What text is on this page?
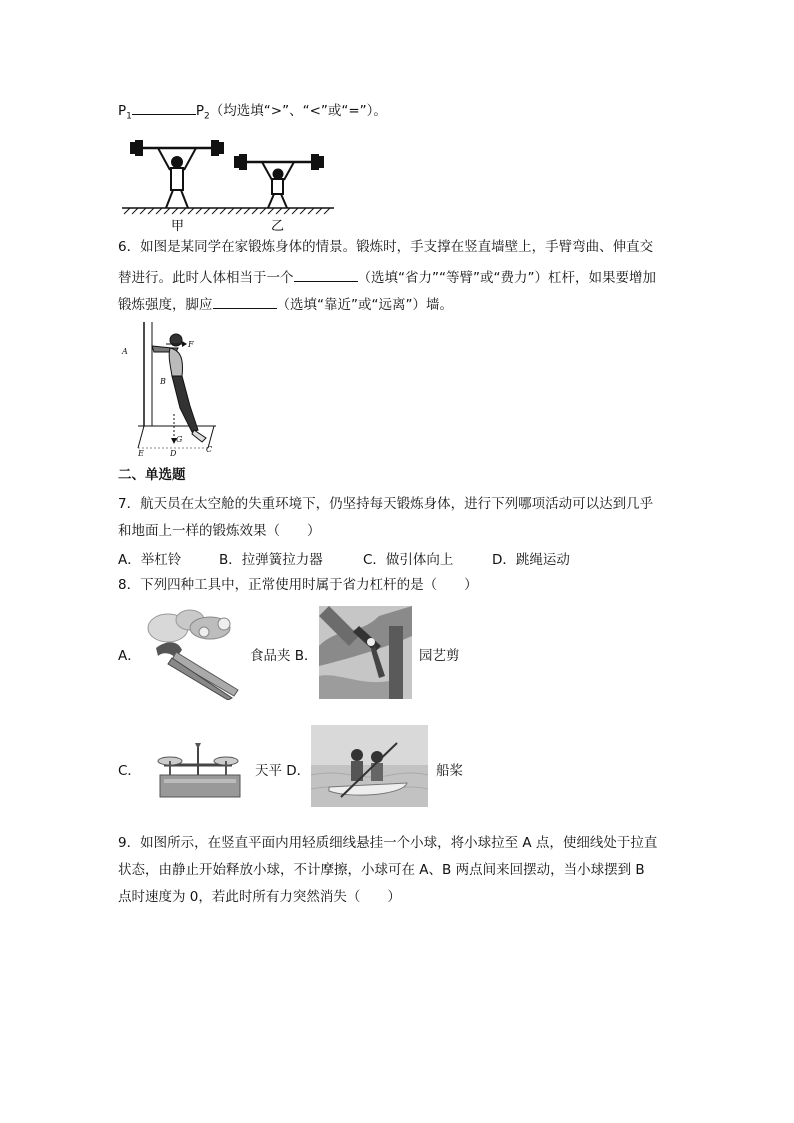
$P_1$	$P_2$（均选填“>”、“<”或“=”）。
甲	乙
6．如图是某同学在家锻炼身体的情景。锻炼时，手支撑在竖直墙壁上，手臂弯曲、伸直交
替进行。此时人体相当于一个	（选填“省力”“等臂”或“费力”）杠杆，如果要增加
锻炼强度，脚应	（选填“靠近”或“远离”）墙。
A
F
B
G
E	D	C
二、单选题
7．航天员在太空舱的失重环境下，仍坚持每天锻炼身体，进行下列哪项活动可以达到几乎
和地面上一样的锻炼效果（　　）
A．举杠铃	B．拉弹簧拉力器	C．做引体向上	D．跳绳运动
8．下列四种工具中，正常使用时属于省力杠杆的是（　　）
A．	食品夹 B．	园艺剪
C．	天平 D．	船桨
9．如图所示，在竖直平面内用轻质细线悬挂一个小球，将小球拉至 A 点，使细线处于拉直
状态，由静止开始释放小球，不计摩擦，小球可在 A、B 两点间来回摆动，当小球摆到 B
点时速度为 0，若此时所有力突然消失（　　）
